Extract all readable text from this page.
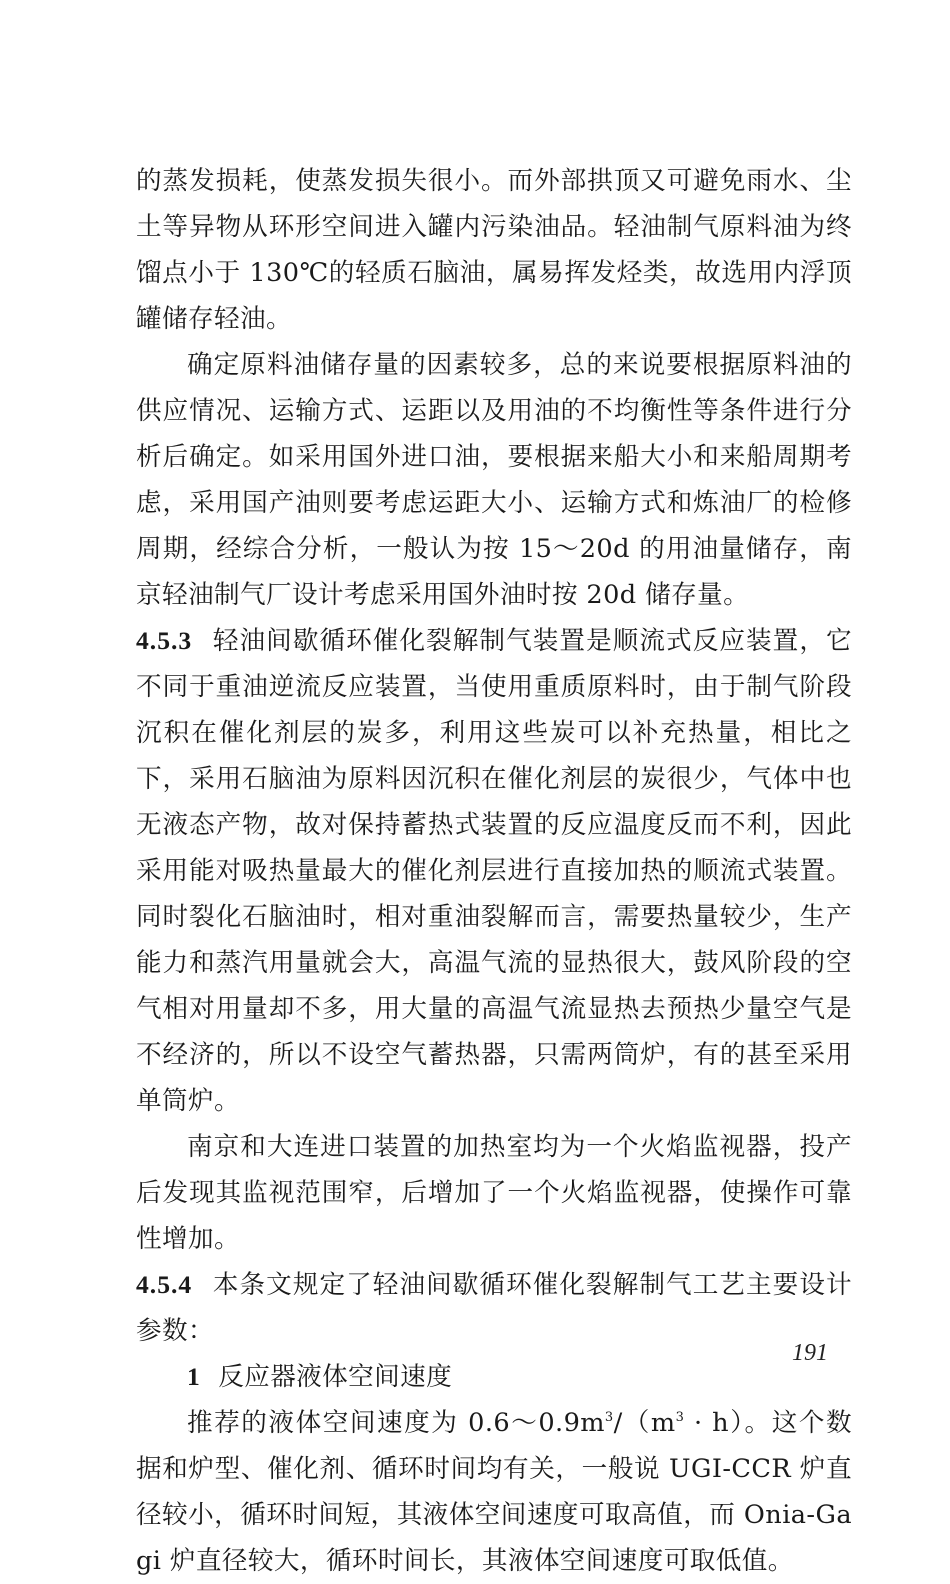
的蒸发损耗，使蒸发损失很小。而外部拱顶又可避免雨水、尘土等异物从环形空间进入罐内污染油品。轻油制气原料油为终馏点小于 130℃的轻质石脑油，属易挥发烃类，故选用内浮顶罐储存轻油。

确定原料油储存量的因素较多，总的来说要根据原料油的供应情况、运输方式、运距以及用油的不均衡性等条件进行分析后确定。如采用国外进口油，要根据来船大小和来船周期考虑，采用国产油则要考虑运距大小、运输方式和炼油厂的检修周期，经综合分析，一般认为按 15～20d 的用油量储存，南京轻油制气厂设计考虑采用国外油时按 20d 储存量。

4.5.3 轻油间歇循环催化裂解制气装置是顺流式反应装置，它不同于重油逆流反应装置，当使用重质原料时，由于制气阶段沉积在催化剂层的炭多，利用这些炭可以补充热量，相比之下，采用石脑油为原料因沉积在催化剂层的炭很少，气体中也无液态产物，故对保持蓄热式装置的反应温度反而不利，因此采用能对吸热量最大的催化剂层进行直接加热的顺流式装置。同时裂化石脑油时，相对重油裂解而言，需要热量较少，生产能力和蒸汽用量就会大，高温气流的显热很大，鼓风阶段的空气相对用量却不多，用大量的高温气流显热去预热少量空气是不经济的，所以不设空气蓄热器，只需两筒炉，有的甚至采用单筒炉。

南京和大连进口装置的加热室均为一个火焰监视器，投产后发现其监视范围窄，后增加了一个火焰监视器，使操作可靠性增加。

4.5.4 本条文规定了轻油间歇循环催化裂解制气工艺主要设计参数：

1 反应器液体空间速度

推荐的液体空间速度为 $0.6\sim 0.9m^3/(m^3 \cdot h)$。这个数据和炉型、催化剂、循环时间均有关，一般说 UGI-CCR 炉直径较小，循环时间短，其液体空间速度可取高值，而 Onia-Gagi 炉直径较大，循环时间长，其液体空间速度可取低值。

191
